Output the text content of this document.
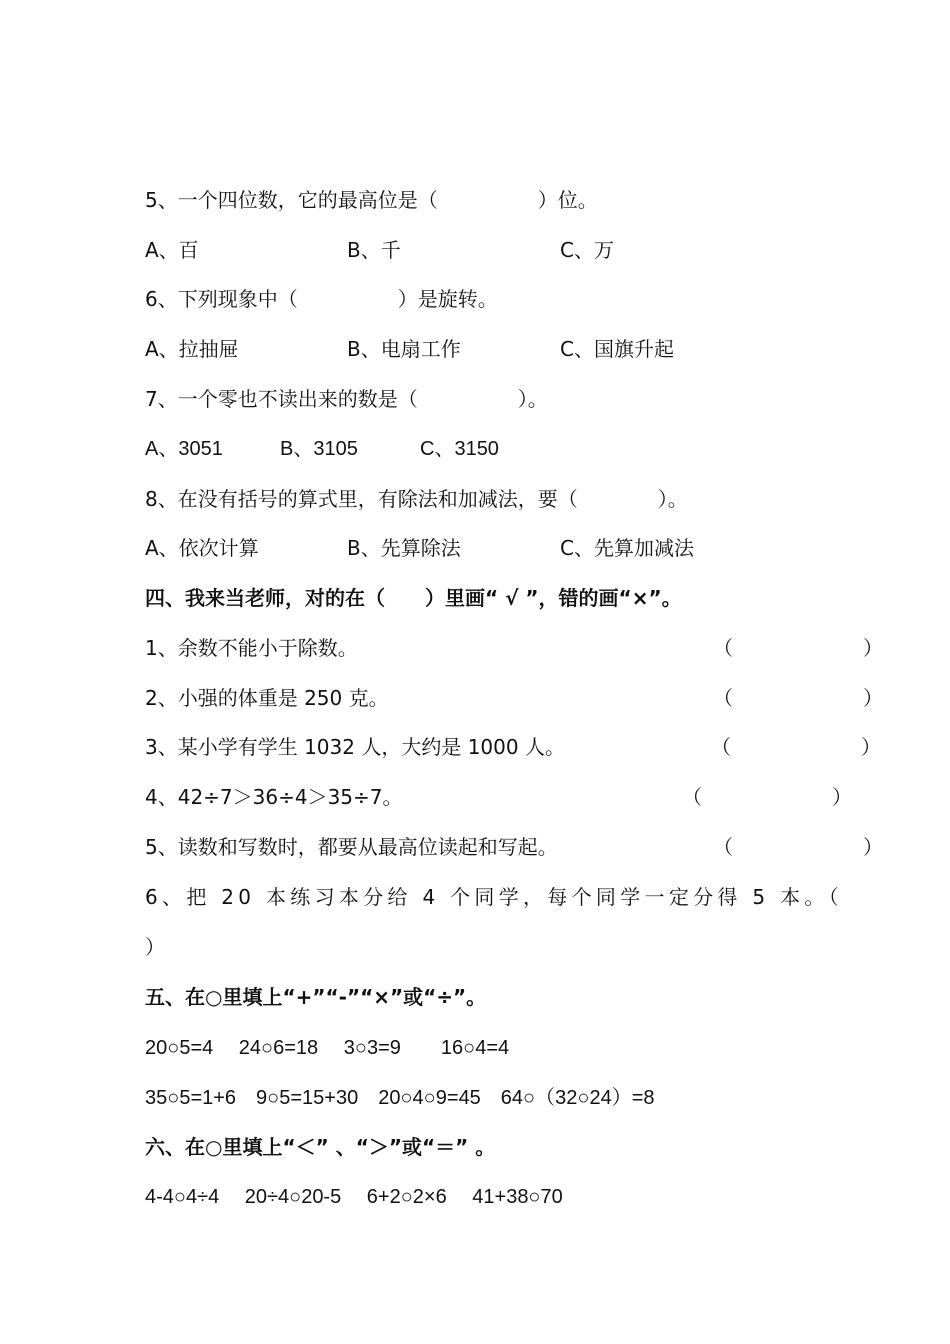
5、一个四位数，它的最高位是（　　　　　）位。
A、百	B、千	C、万
6、下列现象中（　　　　　）是旋转。
A、拉抽屉	B、电扇工作	C、国旗升起
7、一个零也不读出来的数是（　　　　　）。
A、3051	B、3105	C、3150
8、在没有括号的算式里，有除法和加减法，要（　　　　）。
A、依次计算	B、先算除法	C、先算加减法
四、我来当老师，对的在（　　）里画“ √ ”，错的画“×”。
1、余数不能小于除数。	（　　）
2、小强的体重是 250 克。	（　　）
3、某小学有学生 1032 人，大约是 1000 人。	（　　）
4、42÷7＞36÷4＞35÷7。	（　　）
5、读数和写数时，都要从最高位读起和写起。	（　　）
6、把 20 本练习本分给 4 个同学，每个同学一定分得 5 本。（
）
五、在○里填上“+”“-”“×”或“÷”。
20○5=4　 24○6=18　 3○3=9　　16○4=4
35○5=1+6　9○5=15+30　20○4○9=45　64○（32○24）=8
六、在○里填上“＜” 、“＞”或“＝” 。
4-4○4÷4　 20÷4○20-5　 6+2○2×6　 41+38○70
